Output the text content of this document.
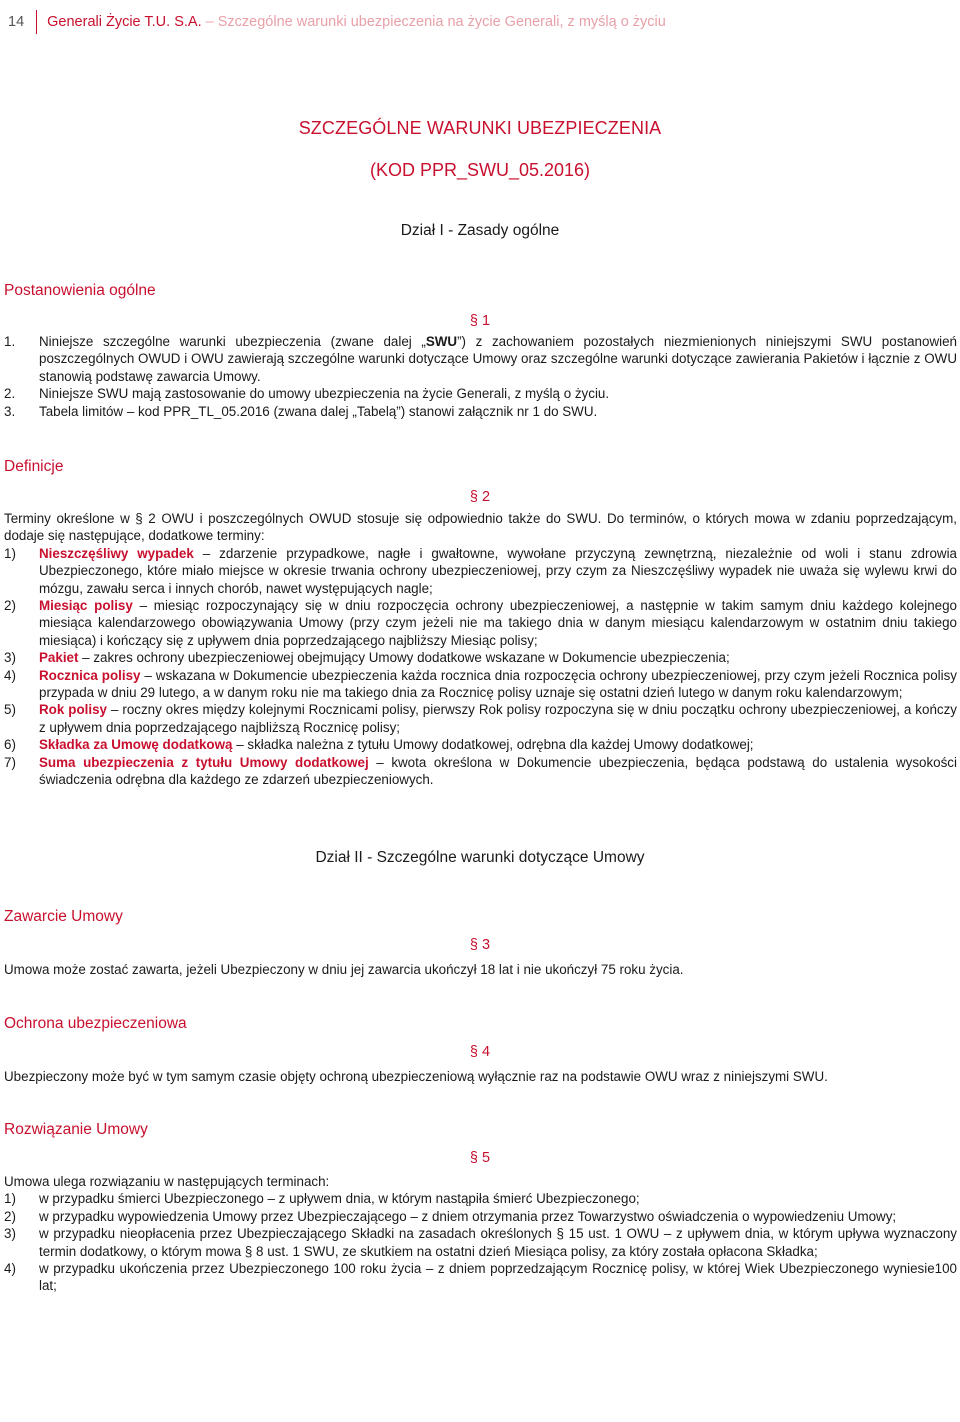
14 Generali Życie T.U. S.A. – Szczególne warunki ubezpieczenia na życie Generali, z myślą o życiu
SZCZEGÓLNE WARUNKI UBEZPIECZENIA
(KOD PPR_SWU_05.2016)
Dział I - Zasady ogólne
Postanowienia ogólne
§ 1
1.	Niniejsze szczególne warunki ubezpieczenia (zwane dalej „SWU”) z zachowaniem pozostałych niezmienionych niniejszymi SWU postanowień poszczególnych OWUD i OWU zawierają szczególne warunki dotyczące Umowy oraz szczególne warunki dotyczące zawierania Pakietów i łącznie z OWU stanowią podstawę zawarcia Umowy.
2.	Niniejsze SWU mają zastosowanie do umowy ubezpieczenia na życie Generali, z myślą o życiu.
3.	Tabela limitów – kod PPR_TL_05.2016 (zwana dalej „Tabelą”) stanowi załącznik nr 1 do SWU.
Definicje
§ 2
Terminy określone w § 2 OWU i poszczególnych OWUD stosuje się odpowiednio także do SWU. Do terminów, o których mowa w zdaniu poprzedzającym, dodaje się następujące, dodatkowe terminy:
1)	Nieszczęśliwy wypadek – zdarzenie przypadkowe, nagłe i gwałtowne, wywołane przyczyną zewnętrzną, niezależnie od woli i stanu zdrowia Ubezpieczonego, które miało miejsce w okresie trwania ochrony ubezpieczeniowej, przy czym za Nieszczęśliwy wypadek nie uważa się wylewu krwi do mózgu, zawału serca i innych chorób, nawet występujących nagle;
2)	Miesiąc polisy – miesiąc rozpoczynający się w dniu rozpoczęcia ochrony ubezpieczeniowej, a następnie w takim samym dniu każdego kolejnego miesiąca kalendarzowego obowiązywania Umowy (przy czym jeżeli nie ma takiego dnia w danym miesiącu kalendarzowym w ostatnim dniu takiego miesiąca) i kończący się z upływem dnia poprzedzającego najbliższy Miesiąc polisy;
3)	Pakiet – zakres ochrony ubezpieczeniowej obejmujący Umowy dodatkowe wskazane w Dokumencie ubezpieczenia;
4)	Rocznica polisy – wskazana w Dokumencie ubezpieczenia każda rocznica dnia rozpoczęcia ochrony ubezpieczeniowej, przy czym jeżeli Rocznica polisy przypada w dniu 29 lutego, a w danym roku nie ma takiego dnia za Rocznicę polisy uznaje się ostatni dzień lutego w danym roku kalendarzowym;
5)	Rok polisy – roczny okres między kolejnymi Rocznicami polisy, pierwszy Rok polisy rozpoczyna się w dniu początku ochrony ubezpieczeniowej, a kończy z upływem dnia poprzedzającego najbliższą Rocznicę polisy;
6)	Składka za Umowę dodatkową – składka należna z tytułu Umowy dodatkowej, odrębna dla każdej Umowy dodatkowej;
7)	Suma ubezpieczenia z tytułu Umowy dodatkowej – kwota określona w Dokumencie ubezpieczenia, będąca podstawą do ustalenia wysokości świadczenia odrębna dla każdego ze zdarzeń ubezpieczeniowych.
Dział II - Szczególne warunki dotyczące Umowy
Zawarcie Umowy
§ 3
Umowa może zostać zawarta, jeżeli Ubezpieczony w dniu jej zawarcia ukończył 18 lat i nie ukończył 75 roku życia.
Ochrona ubezpieczeniowa
§ 4
Ubezpieczony może być w tym samym czasie objęty ochroną ubezpieczeniową wyłącznie raz na podstawie OWU wraz z niniejszymi SWU.
Rozwiązanie Umowy
§ 5
Umowa ulega rozwiązaniu w następujących terminach:
1)	w przypadku śmierci Ubezpieczonego – z upływem dnia, w którym nastąpiła śmierć Ubezpieczonego;
2)	w przypadku wypowiedzenia Umowy przez Ubezpieczającego – z dniem otrzymania przez Towarzystwo oświadczenia o wypowiedzeniu Umowy;
3)	w przypadku nieopłacenia przez Ubezpieczającego Składki na zasadach określonych § 15 ust. 1 OWU – z upływem dnia, w którym upływa wyznaczony termin dodatkowy, o którym mowa § 8 ust. 1 SWU, ze skutkiem na ostatni dzień Miesiąca polisy, za który została opłacona Składka;
4)	w przypadku ukończenia przez Ubezpieczonego 100 roku życia – z dniem poprzedzającym Rocznicę polisy, w której Wiek Ubezpieczonego wyniesie100 lat;
